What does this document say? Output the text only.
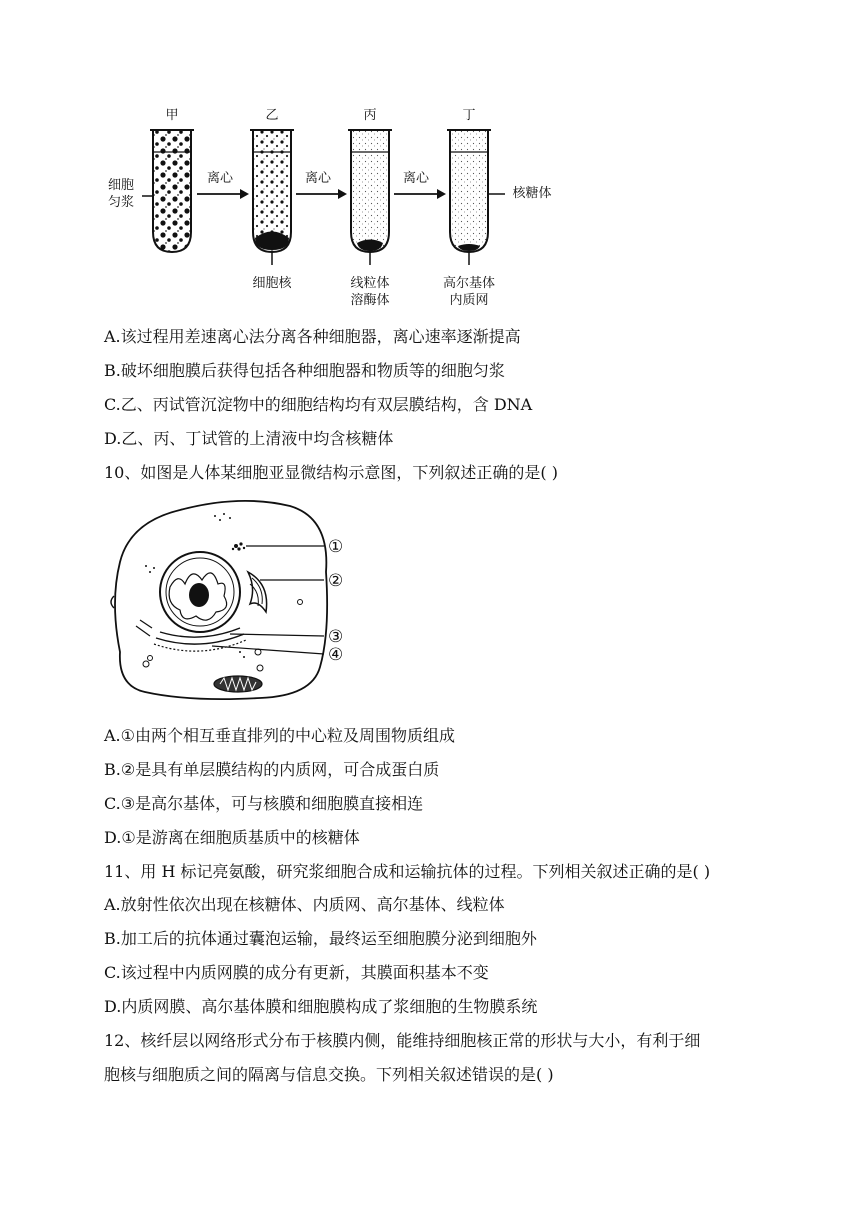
甲	乙	丙	丁
细胞
匀浆
离心	离心	离心
核糖体
细胞核	线粒体
溶酶体
高尔基体
内质网
A.该过程用差速离心法分离各种细胞器，离心速率逐渐提高
B.破坏细胞膜后获得包括各种细胞器和物质等的细胞匀浆
C.乙、丙试管沉淀物中的细胞结构均有双层膜结构，含 DNA
D.乙、丙、丁试管的上清液中均含核糖体
10、如图是人体某细胞亚显微结构示意图，下列叙述正确的是( )
①
②
③
④
A.①由两个相互垂直排列的中心粒及周围物质组成
B.②是具有单层膜结构的内质网，可合成蛋白质
C.③是高尔基体，可与核膜和细胞膜直接相连
D.①是游离在细胞质基质中的核糖体
11、用 H 标记亮氨酸，研究浆细胞合成和运输抗体的过程。下列相关叙述正确的是( )
A.放射性依次出现在核糖体、内质网、高尔基体、线粒体
B.加工后的抗体通过囊泡运输，最终运至细胞膜分泌到细胞外
C.该过程中内质网膜的成分有更新，其膜面积基本不变
D.内质网膜、高尔基体膜和细胞膜构成了浆细胞的生物膜系统
12、核纤层以网络形式分布于核膜内侧，能维持细胞核正常的形状与大小，有利于细
胞核与细胞质之间的隔离与信息交换。下列相关叙述错误的是( )
